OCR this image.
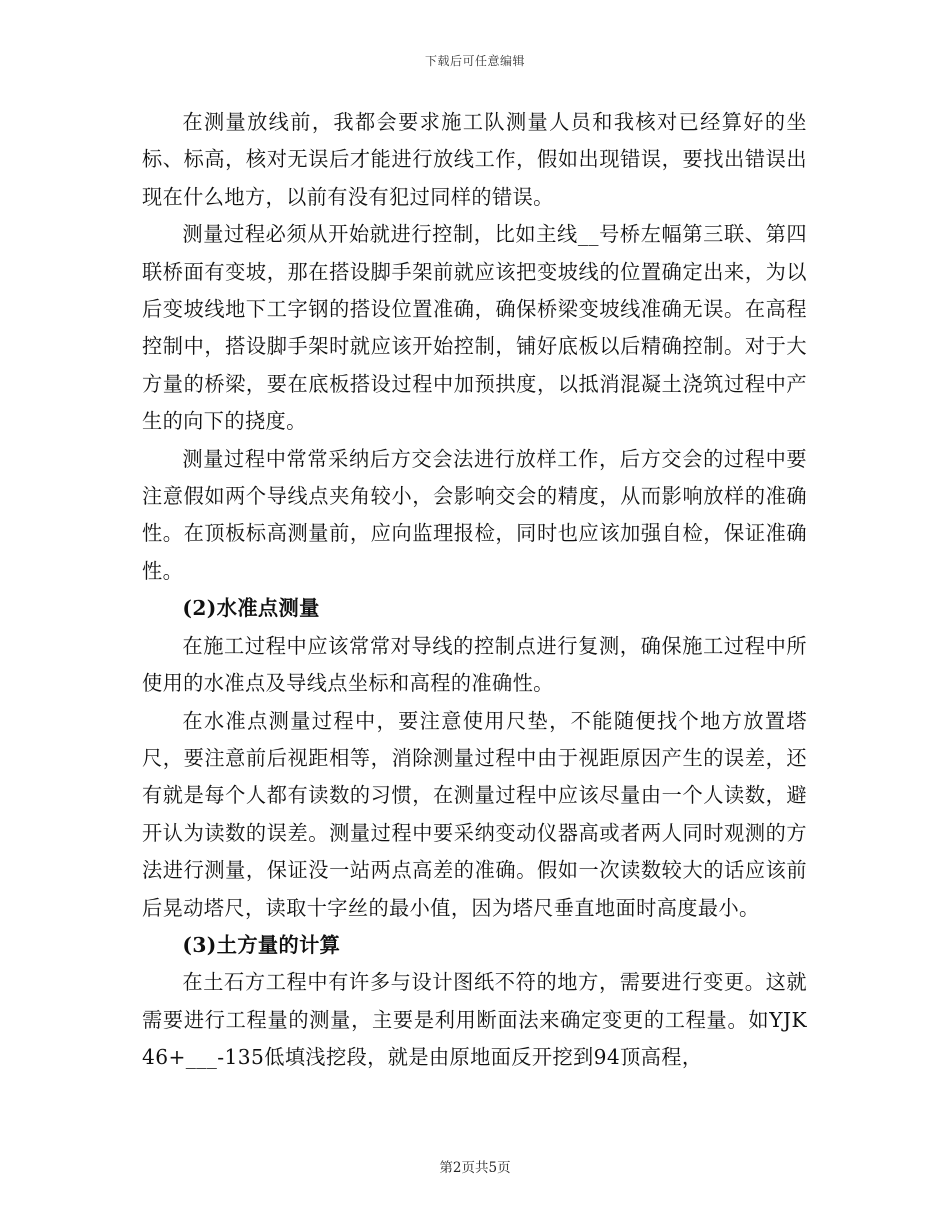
下载后可任意编辑

在测量放线前，我都会要求施工队测量人员和我核对已经算好的坐标、标高，核对无误后才能进行放线工作，假如出现错误，要找出错误出现在什么地方，以前有没有犯过同样的错误。

测量过程必须从开始就进行控制，比如主线__号桥左幅第三联、第四联桥面有变坡，那在搭设脚手架前就应该把变坡线的位置确定出来，为以后变坡线地下工字钢的搭设位置准确，确保桥梁变坡线准确无误。在高程控制中，搭设脚手架时就应该开始控制，铺好底板以后精确控制。对于大方量的桥梁，要在底板搭设过程中加预拱度，以抵消混凝土浇筑过程中产生的向下的挠度。

测量过程中常常采纳后方交会法进行放样工作，后方交会的过程中要注意假如两个导线点夹角较小，会影响交会的精度，从而影响放样的准确性。在顶板标高测量前，应向监理报检，同时也应该加强自检，保证准确性。

(2)水准点测量

在施工过程中应该常常对导线的控制点进行复测，确保施工过程中所使用的水准点及导线点坐标和高程的准确性。

在水准点测量过程中，要注意使用尺垫，不能随便找个地方放置塔尺，要注意前后视距相等，消除测量过程中由于视距原因产生的误差，还有就是每个人都有读数的习惯，在测量过程中应该尽量由一个人读数，避开认为读数的误差。测量过程中要采纳变动仪器高或者两人同时观测的方法进行测量，保证没一站两点高差的准确。假如一次读数较大的话应该前后晃动塔尺，读取十字丝的最小值，因为塔尺垂直地面时高度最小。

(3)土方量的计算

在土石方工程中有许多与设计图纸不符的地方，需要进行变更。这就需要进行工程量的测量，主要是利用断面法来确定变更的工程量。如YJK46+___-135低填浅挖段，就是由原地面反开挖到94顶高程，

第2页共5页
